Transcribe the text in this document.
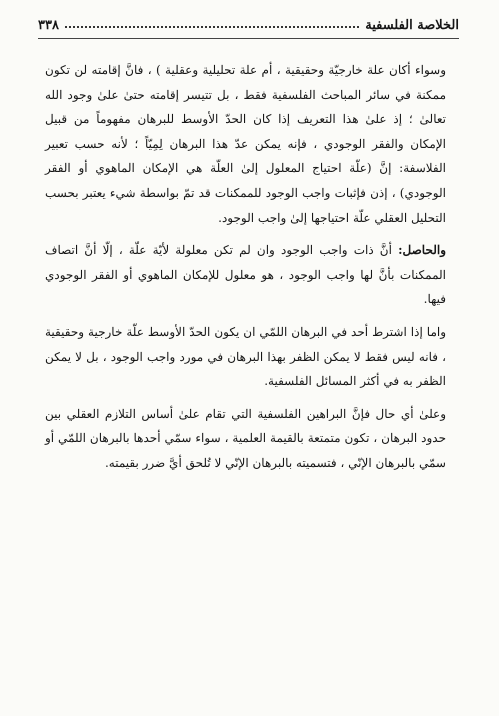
الخلاصة الفلسفية
٣٣٨

وسواء أكان علة خارجيّة وحقيقية ، أم علة تحليلية وعقلية ) ، فانَّ إقامته لن تكون ممكنة في سائر المباحث الفلسفية فقط ، بل تتيسر إقامته حتىٰ علىٰ وجود الله تعالىٰ ؛ إذ علىٰ هذا التعريف إذا كان الحدّ الأوسط للبرهان مفهوماً من قبيل الإمكان والفقر الوجودي ، فإنه يمكن عدّ هذا البرهان لِمِيّاً ؛ لأنه حسب تعبير الفلاسفة: إنَّ (علّة احتياج المعلول إلىٰ العلّة هي الإمكان الماهوي أو الفقر الوجودي) ، إذن فإثبات واجب الوجود للممكنات قد تمّ بواسطة شيء يعتبر بحسب التحليل العقلي علّة احتياجها إلىٰ واجب الوجود.

والحاصل: أنَّ ذات واجب الوجود وان لم تكن معلولة لأيّة علّة ، إلّا أنَّ اتصاف الممكنات بأنَّ لها واجب الوجود ، هو معلول للإمكان الماهوي أو الفقر الوجودي فيها.

واما إذا اشترط أحد في البرهان اللمّي ان يكون الحدّ الأوسط علّة خارجية وحقيقية ، فانه ليس فقط لا يمكن الظفر بهذا البرهان في مورد واجب الوجود ، بل لا يمكن الظفر به في أكثر المسائل الفلسفية.

وعلىٰ أي حال فإنَّ البراهين الفلسفية التي تقام علىٰ أساس التلازم العقلي بين حدود البرهان ، تكون متمتعة بالقيمة العلمية ، سواء سمّي أحدها بالبرهان اللمّي أو سمّي بالبرهان الإنّي ، فتسميته بالبرهان الإنّي لا تُلحق أيَّ ضرر بقيمته.
